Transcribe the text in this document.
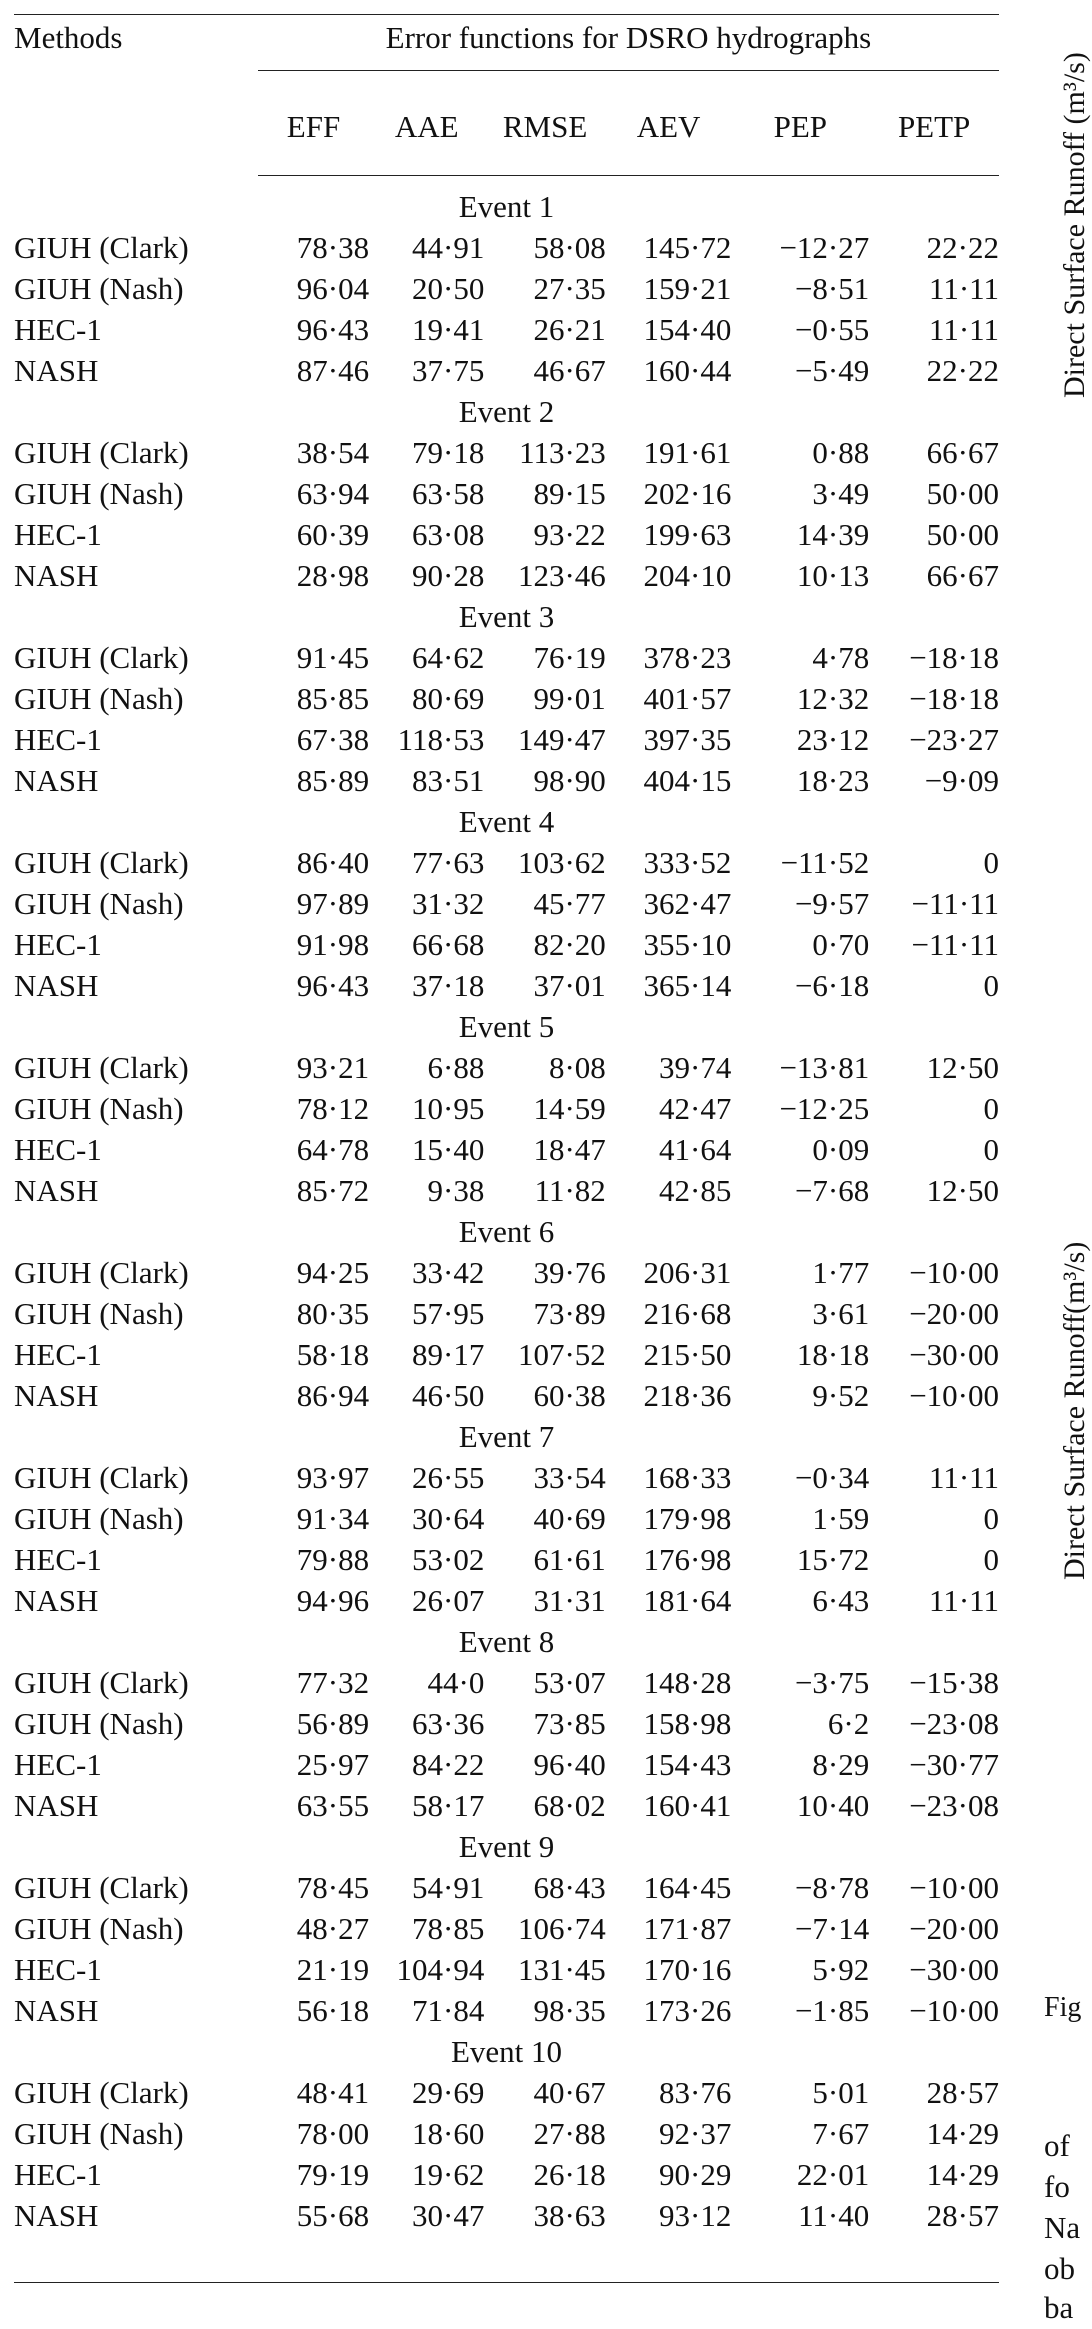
Methods	Error functions for DSRO hydrographs					

	EFF	AAE	RMSE	AEV	PEP	PETP
Event 1						
GIUH (Clark)	78·38	44·91	58·08	145·72	−12·27	22·22
GIUH (Nash)	96·04	20·50	27·35	159·21	−8·51	11·11
HEC-1	96·43	19·41	26·21	154·40	−0·55	11·11
NASH	87·46	37·75	46·67	160·44	−5·49	22·22
Event 2						
GIUH (Clark)	38·54	79·18	113·23	191·61	0·88	66·67
GIUH (Nash)	63·94	63·58	89·15	202·16	3·49	50·00
HEC-1	60·39	63·08	93·22	199·63	14·39	50·00
NASH	28·98	90·28	123·46	204·10	10·13	66·67
Event 3						
GIUH (Clark)	91·45	64·62	76·19	378·23	4·78	−18·18
GIUH (Nash)	85·85	80·69	99·01	401·57	12·32	−18·18
HEC-1	67·38	118·53	149·47	397·35	23·12	−23·27
NASH	85·89	83·51	98·90	404·15	18·23	−9·09
Event 4						
GIUH (Clark)	86·40	77·63	103·62	333·52	−11·52	0
GIUH (Nash)	97·89	31·32	45·77	362·47	−9·57	−11·11
HEC-1	91·98	66·68	82·20	355·10	0·70	−11·11
NASH	96·43	37·18	37·01	365·14	−6·18	0
Event 5						
GIUH (Clark)	93·21	6·88	8·08	39·74	−13·81	12·50
GIUH (Nash)	78·12	10·95	14·59	42·47	−12·25	0
HEC-1	64·78	15·40	18·47	41·64	0·09	0
NASH	85·72	9·38	11·82	42·85	−7·68	12·50
Event 6						
GIUH (Clark)	94·25	33·42	39·76	206·31	1·77	−10·00
GIUH (Nash)	80·35	57·95	73·89	216·68	3·61	−20·00
HEC-1	58·18	89·17	107·52	215·50	18·18	−30·00
NASH	86·94	46·50	60·38	218·36	9·52	−10·00
Event 7						
GIUH (Clark)	93·97	26·55	33·54	168·33	−0·34	11·11
GIUH (Nash)	91·34	30·64	40·69	179·98	1·59	0
HEC-1	79·88	53·02	61·61	176·98	15·72	0
NASH	94·96	26·07	31·31	181·64	6·43	11·11
Event 8						
GIUH (Clark)	77·32	44·0	53·07	148·28	−3·75	−15·38
GIUH (Nash)	56·89	63·36	73·85	158·98	6·2	−23·08
HEC-1	25·97	84·22	96·40	154·43	8·29	−30·77
NASH	63·55	58·17	68·02	160·41	10·40	−23·08
Event 9						
GIUH (Clark)	78·45	54·91	68·43	164·45	−8·78	−10·00
GIUH (Nash)	48·27	78·85	106·74	171·87	−7·14	−20·00
HEC-1	21·19	104·94	131·45	170·16	5·92	−30·00
NASH	56·18	71·84	98·35	173·26	−1·85	−10·00
Event 10						
GIUH (Clark)	48·41	29·69	40·67	83·76	5·01	28·57
GIUH (Nash)	78·00	18·60	27·88	92·37	7·67	14·29
HEC-1	79·19	19·62	26·18	90·29	22·01	14·29
NASH	55·68	30·47	38·63	93·12	11·40	28·57
Direct Surface Runoff (m³/s)
Direct Surface Runoff(m³/s)
Fig
of
fo
Na
ob
ba
